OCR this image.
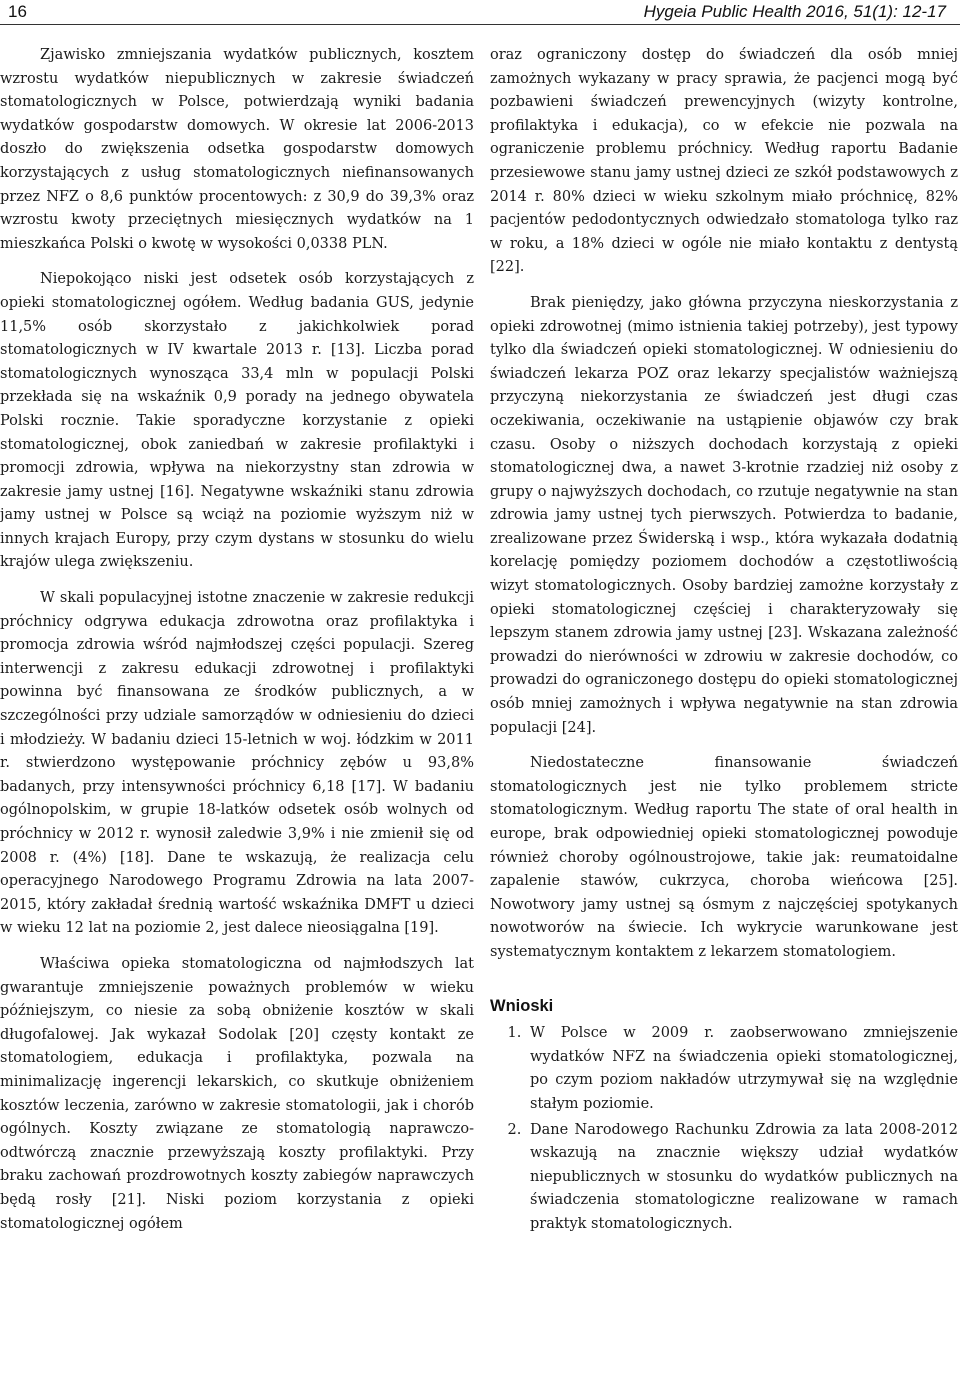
16	Hygeia Public Health 2016, 51(1): 12-17

Zjawisko zmniejszania wydatków publicznych, kosztem wzrostu wydatków niepublicznych w zakresie świadczeń stomatologicznych w Polsce, potwierdzają wyniki badania wydatków gospodarstw domowych. W okresie lat 2006-2013 doszło do zwiększenia odsetka gospodarstw domowych korzystających z usług stomatologicznych niefinansowanych przez NFZ o 8,6 punktów procentowych: z 30,9 do 39,3% oraz wzrostu kwoty przeciętnych miesięcznych wydatków na 1 mieszkańca Polski o kwotę w wysokości 0,0338 PLN.

Niepokojąco niski jest odsetek osób korzystających z opieki stomatologicznej ogółem. Według badania GUS, jedynie 11,5% osób skorzystało z jakichkolwiek porad stomatologicznych w IV kwartale 2013 r. [13]. Liczba porad stomatologicznych wynosząca 33,4 mln w populacji Polski przekłada się na wskaźnik 0,9 porady na jednego obywatela Polski rocznie. Takie sporadyczne korzystanie z opieki stomatologicznej, obok zaniedbań w zakresie profilaktyki i promocji zdrowia, wpływa na niekorzystny stan zdrowia w zakresie jamy ustnej [16]. Negatywne wskaźniki stanu zdrowia jamy ustnej w Polsce są wciąż na poziomie wyższym niż w innych krajach Europy, przy czym dystans w stosunku do wielu krajów ulega zwiększeniu.

W skali populacyjnej istotne znaczenie w zakresie redukcji próchnicy odgrywa edukacja zdrowotna oraz profilaktyka i promocja zdrowia wśród najmłodszej części populacji. Szereg interwencji z zakresu edukacji zdrowotnej i profilaktyki powinna być finansowana ze środków publicznych, a w szczególności przy udziale samorządów w odniesieniu do dzieci i młodzieży. W badaniu dzieci 15-letnich w woj. łódzkim w 2011 r. stwierdzono występowanie próchnicy zębów u 93,8% badanych, przy intensywności próchnicy 6,18 [17]. W badaniu ogólnopolskim, w grupie 18-latków odsetek osób wolnych od próchnicy w 2012 r. wynosił zaledwie 3,9% i nie zmienił się od 2008 r. (4%) [18]. Dane te wskazują, że realizacja celu operacyjnego Narodowego Programu Zdrowia na lata 2007-2015, który zakładał średnią wartość wskaźnika DMFT u dzieci w wieku 12 lat na poziomie 2, jest dalece nieosiągalna [19].

Właściwa opieka stomatologiczna od najmłodszych lat gwarantuje zmniejszenie poważnych problemów w wieku późniejszym, co niesie za sobą obniżenie kosztów w skali długofalowej. Jak wykazał Sodolak [20] częsty kontakt ze stomatologiem, edukacja i profilaktyka, pozwala na minimalizację ingerencji lekarskich, co skutkuje obniżeniem kosztów leczenia, zarówno w zakresie stomatologii, jak i chorób ogólnych. Koszty związane ze stomatologią naprawczo-odtwórczą znacznie przewyższają koszty profilaktyki. Przy braku zachowań prozdrowotnych koszty zabiegów naprawczych będą rosły [21]. Niski poziom korzystania z opieki stomatologicznej ogółem

oraz ograniczony dostęp do świadczeń dla osób mniej zamożnych wykazany w pracy sprawia, że pacjenci mogą być pozbawieni świadczeń prewencyjnych (wizyty kontrolne, profilaktyka i edukacja), co w efekcie nie pozwala na ograniczenie problemu próchnicy. Według raportu Badanie przesiewowe stanu jamy ustnej dzieci ze szkół podstawowych z 2014 r. 80% dzieci w wieku szkolnym miało próchnicę, 82% pacjentów pedodontycznych odwiedzało stomatologa tylko raz w roku, a 18% dzieci w ogóle nie miało kontaktu z dentystą [22].

Brak pieniędzy, jako główna przyczyna nieskorzystania z opieki zdrowotnej (mimo istnienia takiej potrzeby), jest typowy tylko dla świadczeń opieki stomatologicznej. W odniesieniu do świadczeń lekarza POZ oraz lekarzy specjalistów ważniejszą przyczyną niekorzystania ze świadczeń jest długi czas oczekiwania, oczekiwanie na ustąpienie objawów czy brak czasu. Osoby o niższych dochodach korzystają z opieki stomatologicznej dwa, a nawet 3-krotnie rzadziej niż osoby z grupy o najwyższych dochodach, co rzutuje negatywnie na stan zdrowia jamy ustnej tych pierwszych. Potwierdza to badanie, zrealizowane przez Świderską i wsp., która wykazała dodatnią korelację pomiędzy poziomem dochodów a częstotliwością wizyt stomatologicznych. Osoby bardziej zamożne korzystały z opieki stomatologicznej częściej i charakteryzowały się lepszym stanem zdrowia jamy ustnej [23]. Wskazana zależność prowadzi do nierówności w zdrowiu w zakresie dochodów, co prowadzi do ograniczonego dostępu do opieki stomatologicznej osób mniej zamożnych i wpływa negatywnie na stan zdrowia populacji [24].

Niedostateczne finansowanie świadczeń stomatologicznych jest nie tylko problemem stricte stomatologicznym. Według raportu The state of oral health in europe, brak odpowiedniej opieki stomatologicznej powoduje również choroby ogólnoustrojowe, takie jak: reumatoidalne zapalenie stawów, cukrzyca, choroba wieńcowa [25]. Nowotwory jamy ustnej są ósmym z najczęściej spotykanych nowotworów na świecie. Ich wykrycie warunkowane jest systematycznym kontaktem z lekarzem stomatologiem.

Wnioski
1. W Polsce w 2009 r. zaobserwowano zmniejszenie wydatków NFZ na świadczenia opieki stomatologicznej, po czym poziom nakładów utrzymywał się na względnie stałym poziomie.
2. Dane Narodowego Rachunku Zdrowia za lata 2008-2012 wskazują na znacznie większy udział wydatków niepublicznych w stosunku do wydatków publicznych na świadczenia stomatologiczne realizowane w ramach praktyk stomatologicznych.
